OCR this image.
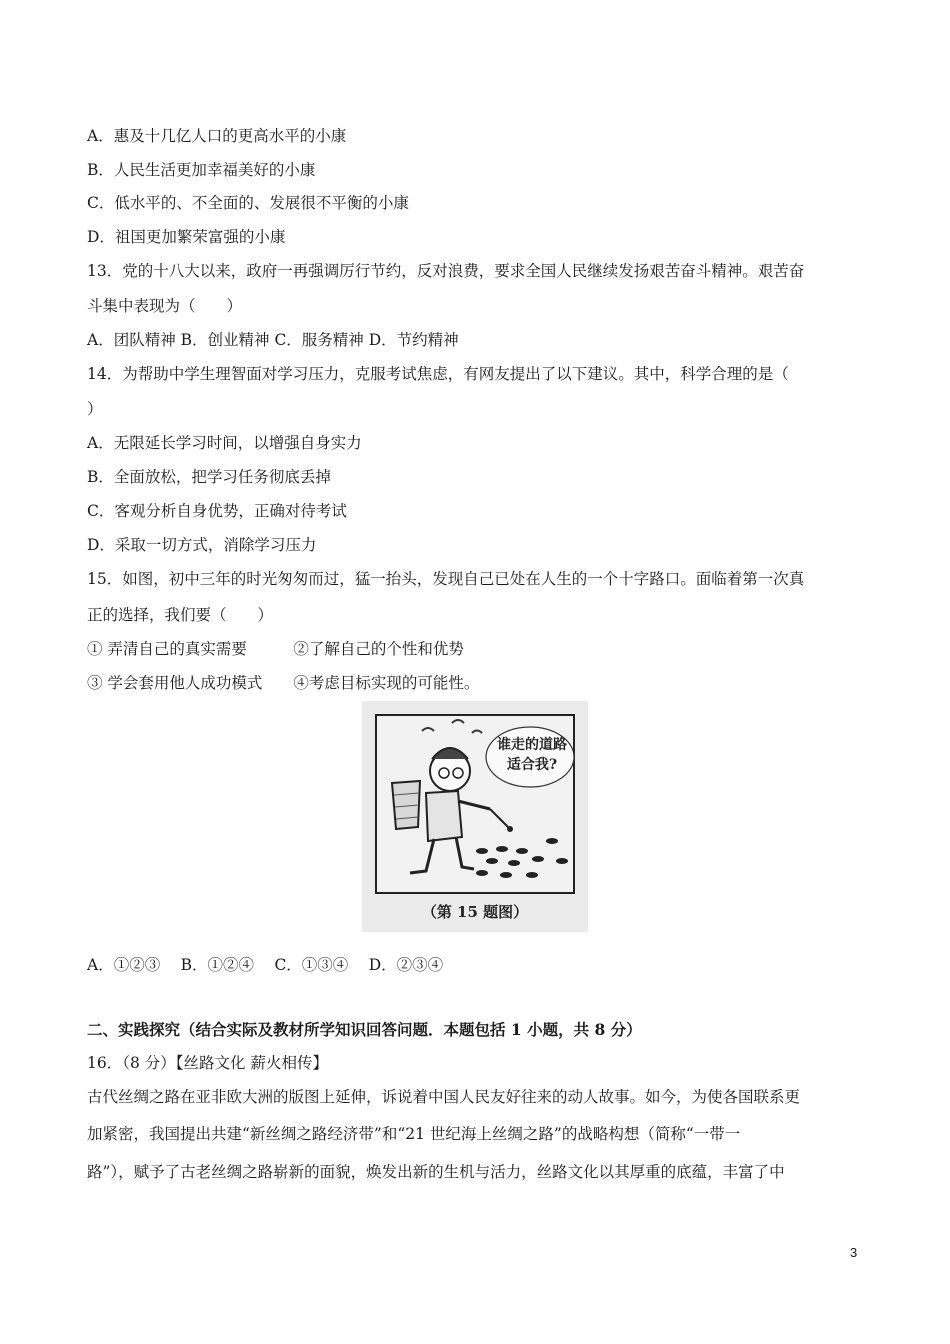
A．惠及十几亿人口的更高水平的小康
B．人民生活更加幸福美好的小康
C．低水平的、不全面的、发展很不平衡的小康
D．祖国更加繁荣富强的小康
13．党的十八大以来，政府一再强调厉行节约，反对浪费，要求全国人民继续发扬艰苦奋斗精神。艰苦奋
斗集中表现为（　　）
A．团队精神 B．创业精神 C．服务精神 D．节约精神
14．为帮助中学生理智面对学习压力，克服考试焦虑，有网友提出了以下建议。其中，科学合理的是（
）
A．无限延长学习时间，以增强自身实力
B．全面放松，把学习任务彻底丢掉
C．客观分析自身优势，正确对待考试
D．采取一切方式，消除学习压力
15．如图，初中三年的时光匆匆而过，猛一抬头，发现自己已处在人生的一个十字路口。面临着第一次真
正的选择，我们要（　　）
① 弄清自己的真实需要　　　②了解自己的个性和优势
③ 学会套用他人成功模式　　④考虑目标实现的可能性。
谁走的道路
适合我?
（第 15 题图）
A．①②③　 B．①②④　 C．①③④　 D．②③④
二、实践探究（结合实际及教材所学知识回答问题．本题包括 1 小题，共 8 分）
16．（8 分）【丝路文化 薪火相传】
古代丝绸之路在亚非欧大洲的版图上延伸，诉说着中国人民友好往来的动人故事。如今，为使各国联系更
加紧密，我国提出共建“新丝绸之路经济带”和“21 世纪海上丝绸之路”的战略构想（简称“一带一
路”），赋予了古老丝绸之路崭新的面貌，焕发出新的生机与活力，丝路文化以其厚重的底蕴，丰富了中
3
